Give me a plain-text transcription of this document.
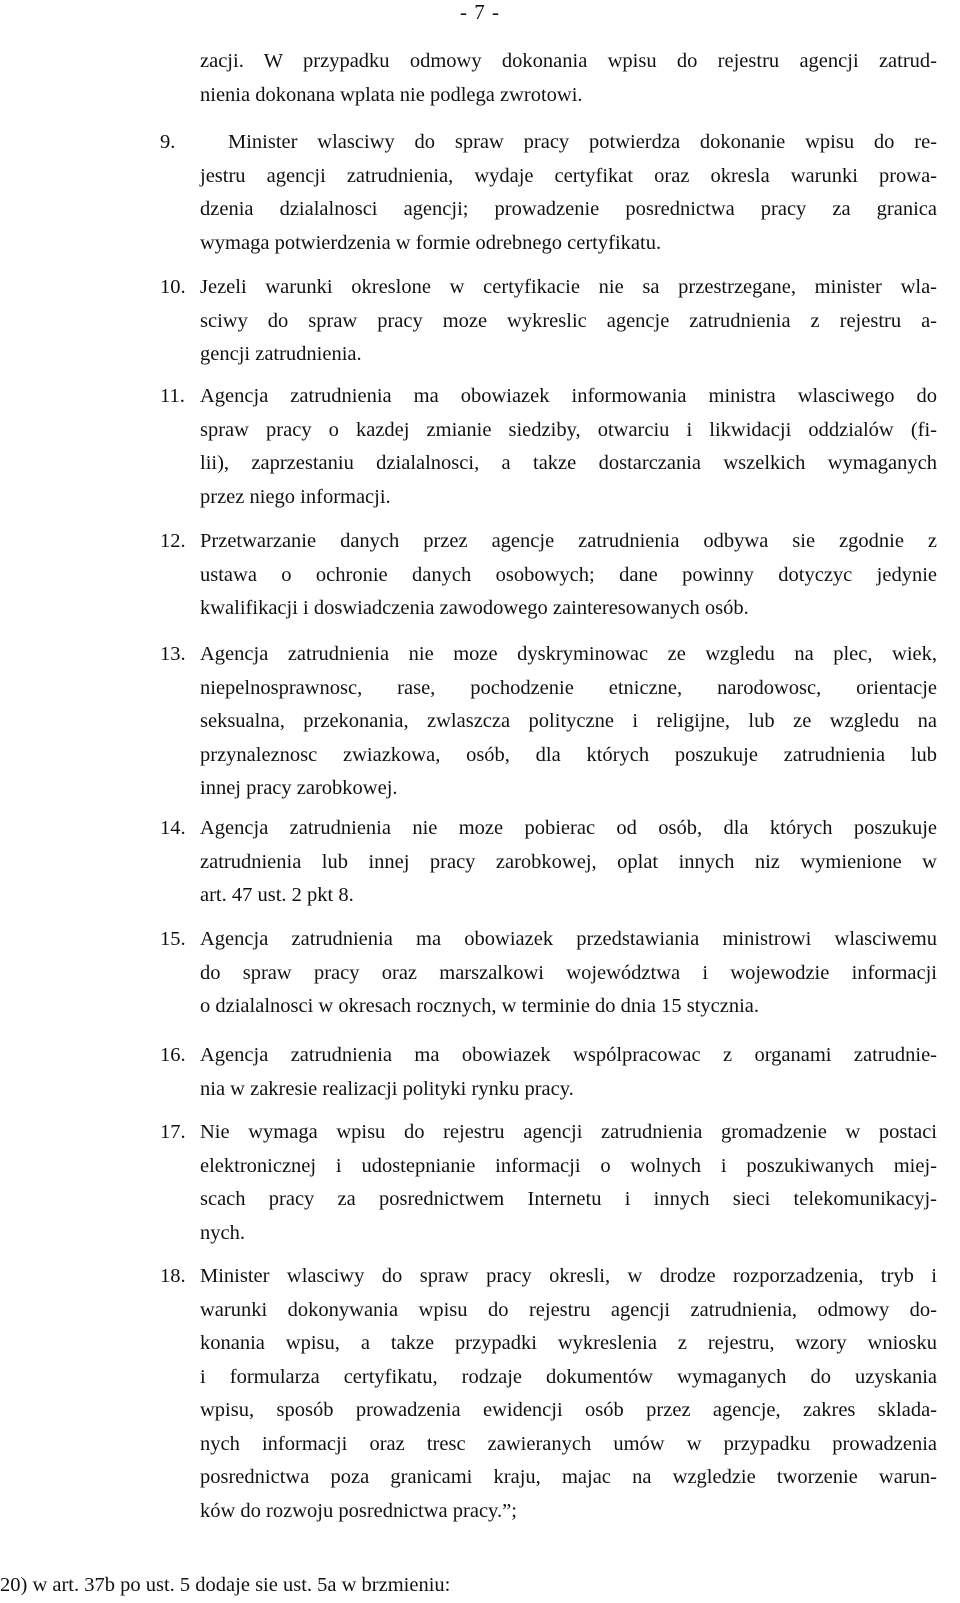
- 7 -
zacji. W przypadku odmowy dokonania wpisu do rejestru agencji zatrud-
nienia dokonana wplata nie podlega zwrotowi.
9.	Minister wlasciwy do spraw pracy potwierdza dokonanie wpisu do re-
jestru agencji zatrudnienia, wydaje certyfikat oraz okresla warunki prowa-
dzenia dzialalnosci agencji; prowadzenie posrednictwa pracy za granica
wymaga potwierdzenia w formie odrebnego certyfikatu.
10. Jezeli warunki okreslone w certyfikacie nie sa przestrzegane, minister wla-
sciwy do spraw pracy moze wykreslic agencje zatrudnienia z rejestru a-
gencji zatrudnienia.
11. Agencja zatrudnienia ma obowiazek informowania ministra wlasciwego do
spraw pracy o kazdej zmianie siedziby, otwarciu i likwidacji oddzialów (fi-
lii), zaprzestaniu dzialalnosci, a takze dostarczania wszelkich wymaganych
przez niego informacji.
12. Przetwarzanie danych przez agencje zatrudnienia odbywa sie zgodnie z
ustawa o ochronie danych osobowych; dane powinny dotyczyc jedynie
kwalifikacji i doswiadczenia zawodowego zainteresowanych osób.
13. Agencja zatrudnienia nie moze dyskryminowac ze wzgledu na plec, wiek,
niepelnosprawnosc, rase, pochodzenie etniczne, narodowosc, orientacje
seksualna, przekonania, zwlaszcza polityczne i religijne, lub ze wzgledu na
przynaleznosc zwiazkowa, osób, dla których poszukuje zatrudnienia lub
innej pracy zarobkowej.
14. Agencja zatrudnienia nie moze pobierac od osób, dla których poszukuje
zatrudnienia lub innej pracy zarobkowej, oplat innych niz wymienione w
art. 47 ust. 2 pkt 8.
15. Agencja zatrudnienia ma obowiazek przedstawiania ministrowi wlasciwemu
do spraw pracy oraz marszalkowi województwa i wojewodzie informacji
o dzialalnosci w okresach rocznych, w terminie do dnia 15 stycznia.
16. Agencja zatrudnienia ma obowiazek wspólpracowac z organami zatrudnie-
nia w zakresie realizacji polityki rynku pracy.
17. Nie wymaga wpisu do rejestru agencji zatrudnienia gromadzenie w postaci
elektronicznej i udostepnianie informacji o wolnych i poszukiwanych miej-
scach pracy za posrednictwem Internetu i innych sieci telekomunikacyj-
nych.
18. Minister wlasciwy do spraw pracy okresli, w drodze rozporzadzenia, tryb i
warunki dokonywania wpisu do rejestru agencji zatrudnienia, odmowy do-
konania wpisu, a takze przypadki wykreslenia z rejestru, wzory wniosku
i formularza certyfikatu, rodzaje dokumentów wymaganych do uzyskania
wpisu, sposób prowadzenia ewidencji osób przez agencje, zakres sklada-
nych informacji oraz tresc zawieranych umów w przypadku prowadzenia
posrednictwa poza granicami kraju, majac na wzgledzie tworzenie warun-
ków do rozwoju posrednictwa pracy.”;
20) w art. 37b po ust. 5 dodaje sie ust. 5a w brzmieniu:
